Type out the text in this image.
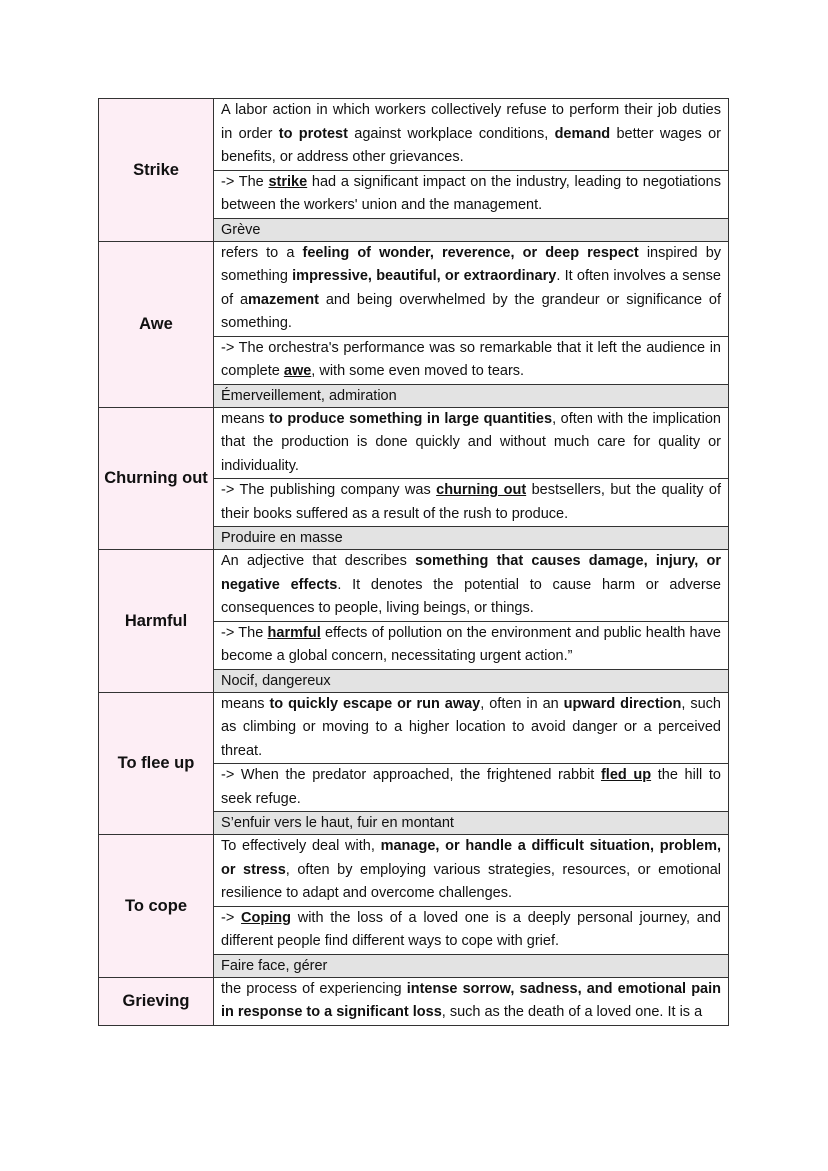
Strike	A labor action in which workers collectively refuse to perform their job duties in order to protest against workplace conditions, demand better wages or benefits, or address other grievances.
	-> The strike had a significant impact on the industry, leading to negotiations between the workers' union and the management.
	Grève
Awe	refers to a feeling of wonder, reverence, or deep respect inspired by something impressive, beautiful, or extraordinary. It often involves a sense of amazement and being overwhelmed by the grandeur or significance of something.
	-> The orchestra's performance was so remarkable that it left the audience in complete awe, with some even moved to tears.
	Émerveillement, admiration
Churning out	means to produce something in large quantities, often with the implication that the production is done quickly and without much care for quality or individuality.
	-> The publishing company was churning out bestsellers, but the quality of their books suffered as a result of the rush to produce.
	Produire en masse
Harmful	An adjective that describes something that causes damage, injury, or negative effects. It denotes the potential to cause harm or adverse consequences to people, living beings, or things.
	-> The harmful effects of pollution on the environment and public health have become a global concern, necessitating urgent action.”
	Nocif, dangereux
To flee up	means to quickly escape or run away, often in an upward direction, such as climbing or moving to a higher location to avoid danger or a perceived threat.
	-> When the predator approached, the frightened rabbit fled up the hill to seek refuge.
	S’enfuir vers le haut, fuir en montant
To cope	To effectively deal with, manage, or handle a difficult situation, problem, or stress, often by employing various strategies, resources, or emotional resilience to adapt and overcome challenges.
	-> Coping with the loss of a loved one is a deeply personal journey, and different people find different ways to cope with grief.
	Faire face, gérer
Grieving	the process of experiencing intense sorrow, sadness, and emotional pain in response to a significant loss, such as the death of a loved one. It is a
